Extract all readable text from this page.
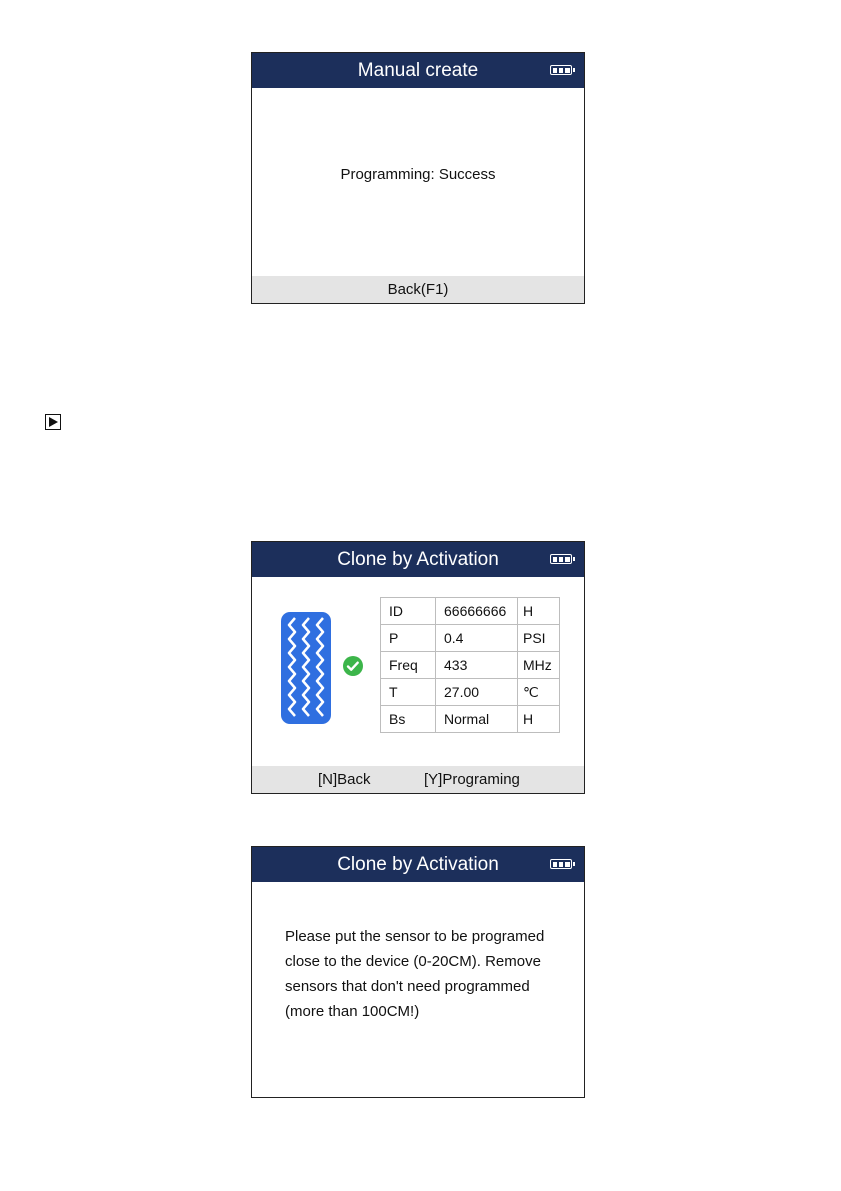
Manual create
Programming: Success
Back(F1)
Clone by Activation
ID	66666666	H
P	0.4	PSI
Freq	433	MHz
T	27.00	℃
Bs	Normal	H
[N]Back	[Y]Programing
Clone by Activation
Please put the sensor to be programed
close to the device (0-20CM). Remove
sensors that don't need programmed
(more than 100CM!)
